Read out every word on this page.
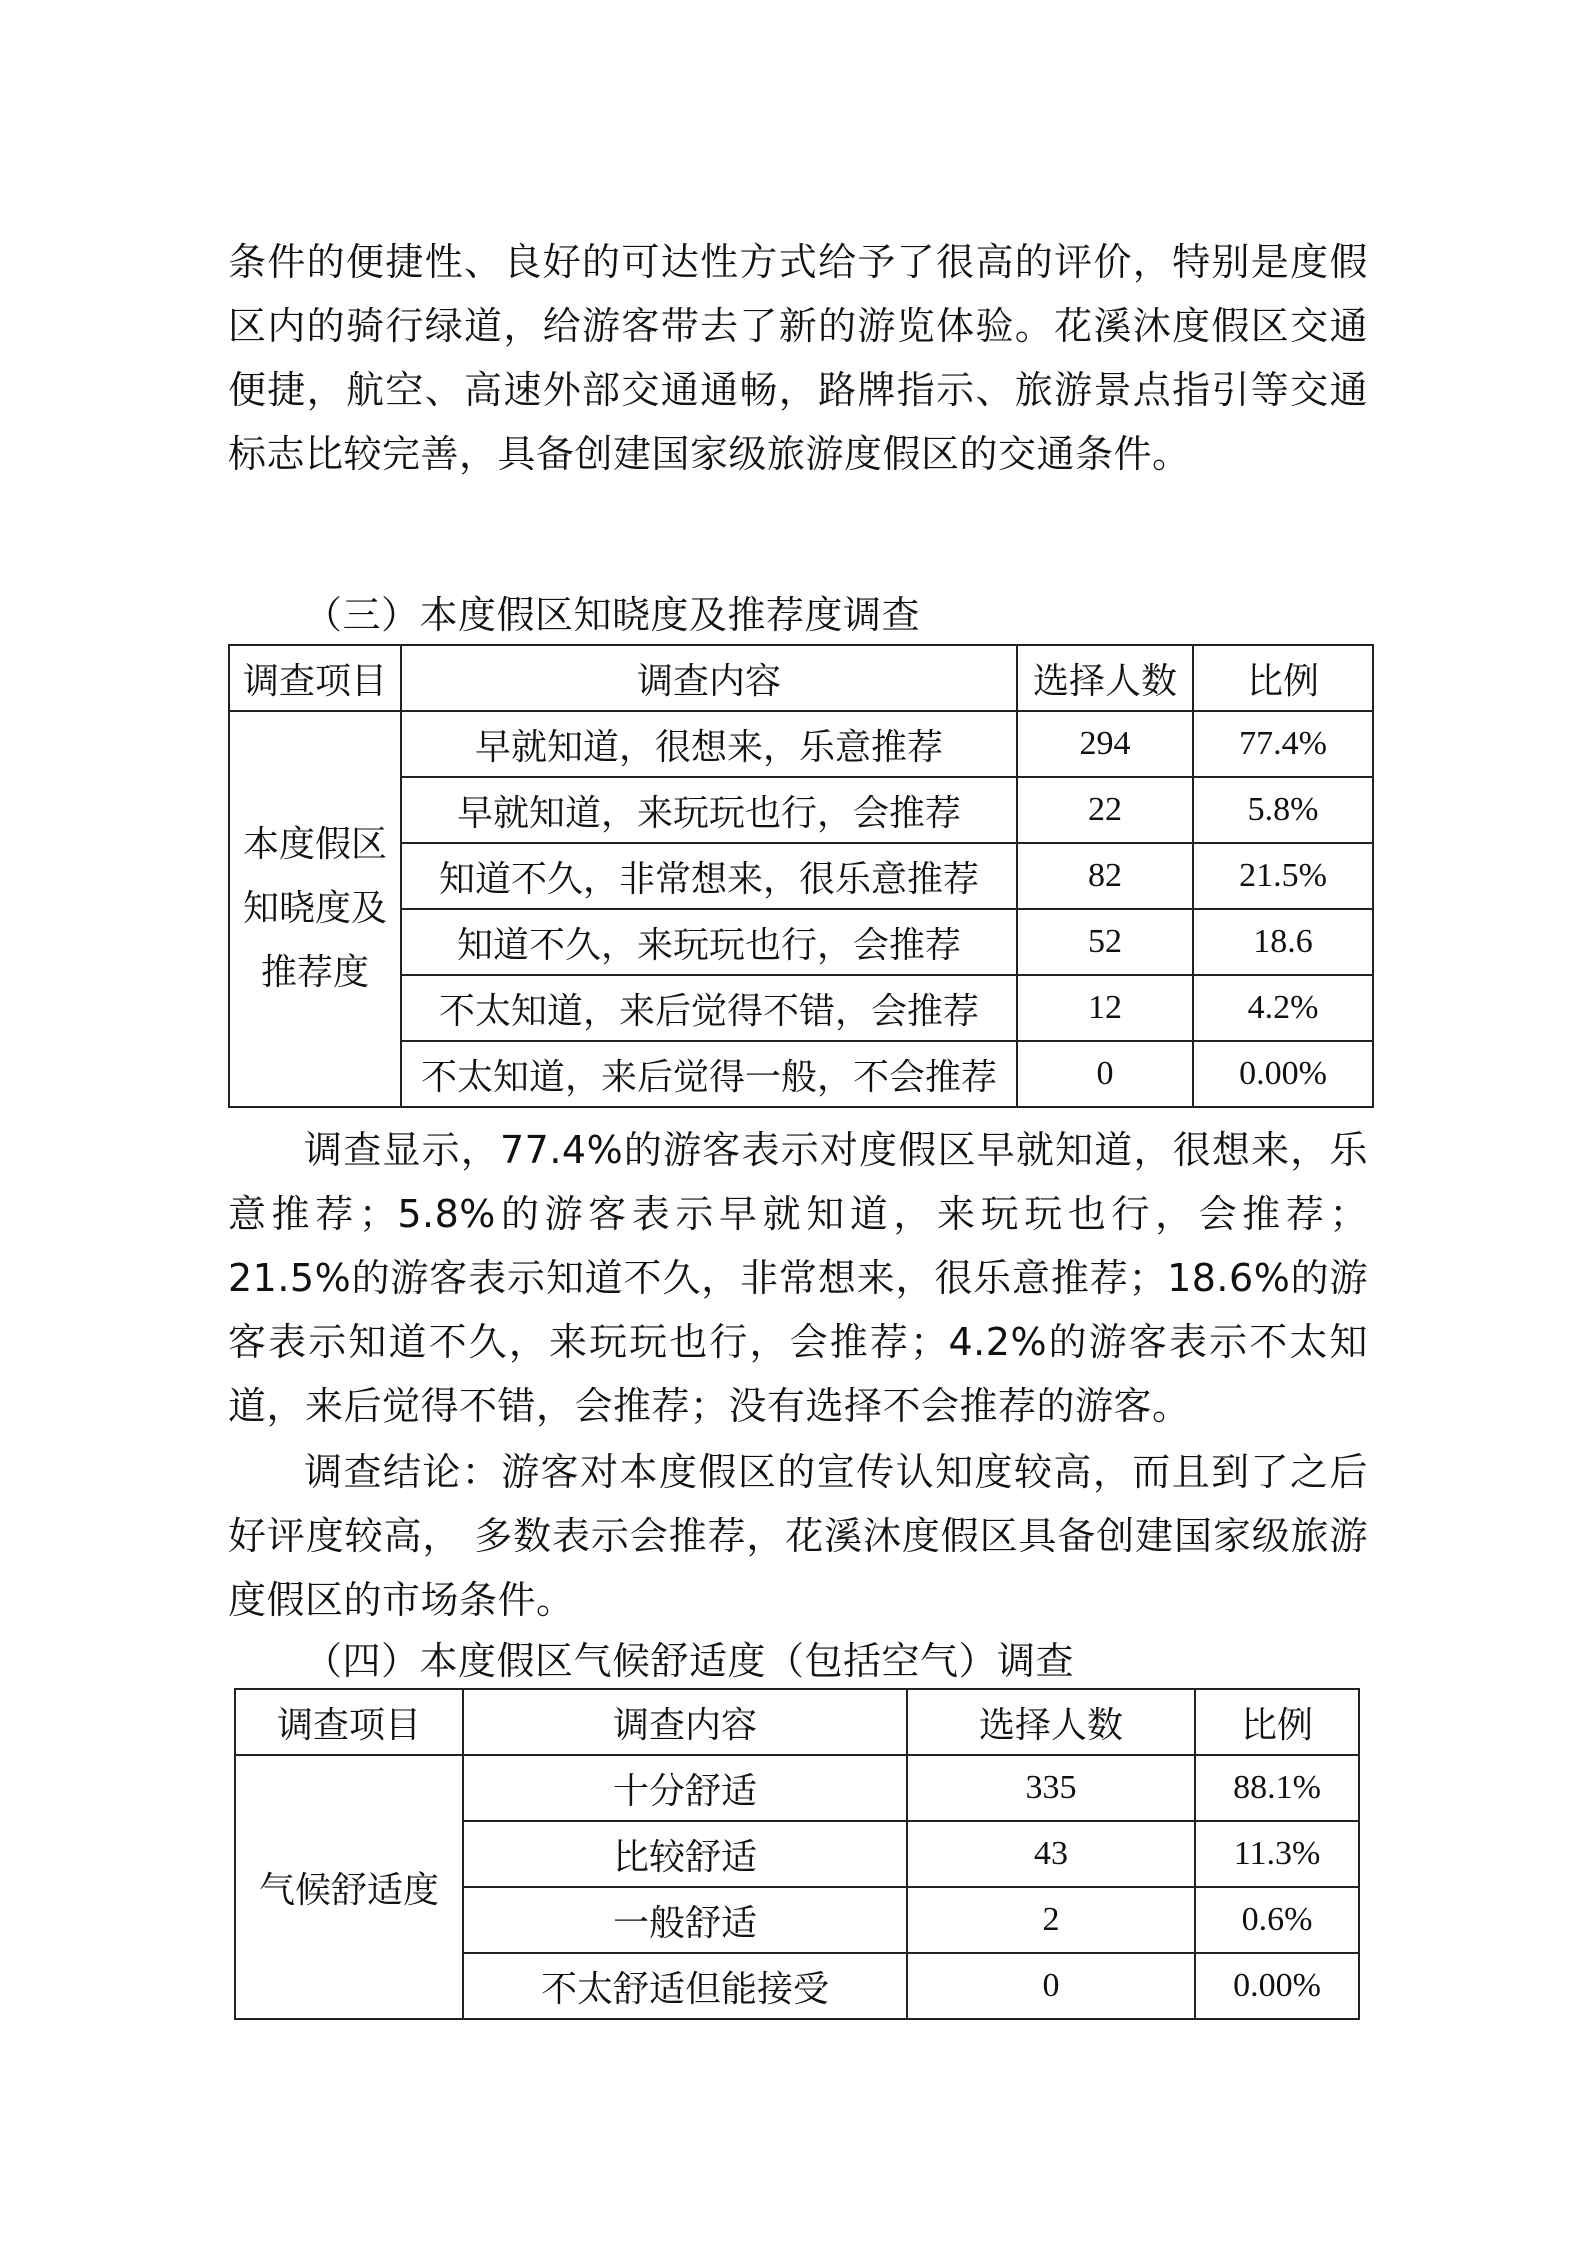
条件的便捷性、良好的可达性方式给予了很高的评价，特别是度假区内的骑行绿道，给游客带去了新的游览体验。花溪沐度假区交通便捷，航空、高速外部交通通畅，路牌指示、旅游景点指引等交通标志比较完善，具备创建国家级旅游度假区的交通条件。

（三）本度假区知晓度及推荐度调查

调查项目	调查内容	选择人数	比例

本度假区
知晓度及
推荐度	早就知道，很想来，乐意推荐	294	77.4%
	早就知道，来玩玩也行，会推荐	22	5.8%
	知道不久，非常想来，很乐意推荐	82	21.5%
	知道不久，来玩玩也行，会推荐	52	18.6
	不太知道，来后觉得不错，会推荐	12	4.2%
	不太知道，来后觉得一般，不会推荐	0	0.00%

调查显示，77.4%的游客表示对度假区早就知道，很想来，乐意推荐；5.8%的游客表示早就知道，来玩玩也行，会推荐；21.5%的游客表示知道不久，非常想来，很乐意推荐；18.6%的游客表示知道不久，来玩玩也行，会推荐；4.2%的游客表示不太知道，来后觉得不错，会推荐；没有选择不会推荐的游客。

调查结论：游客对本度假区的宣传认知度较高，而且到了之后好评度较高， 多数表示会推荐，花溪沐度假区具备创建国家级旅游度假区的市场条件。

（四）本度假区气候舒适度（包括空气）调查

调查项目	调查内容	选择人数	比例
气候舒适度	十分舒适	335	88.1%
	比较舒适	43	11.3%
	一般舒适	2	0.6%
	不太舒适但能接受	0	0.00%
